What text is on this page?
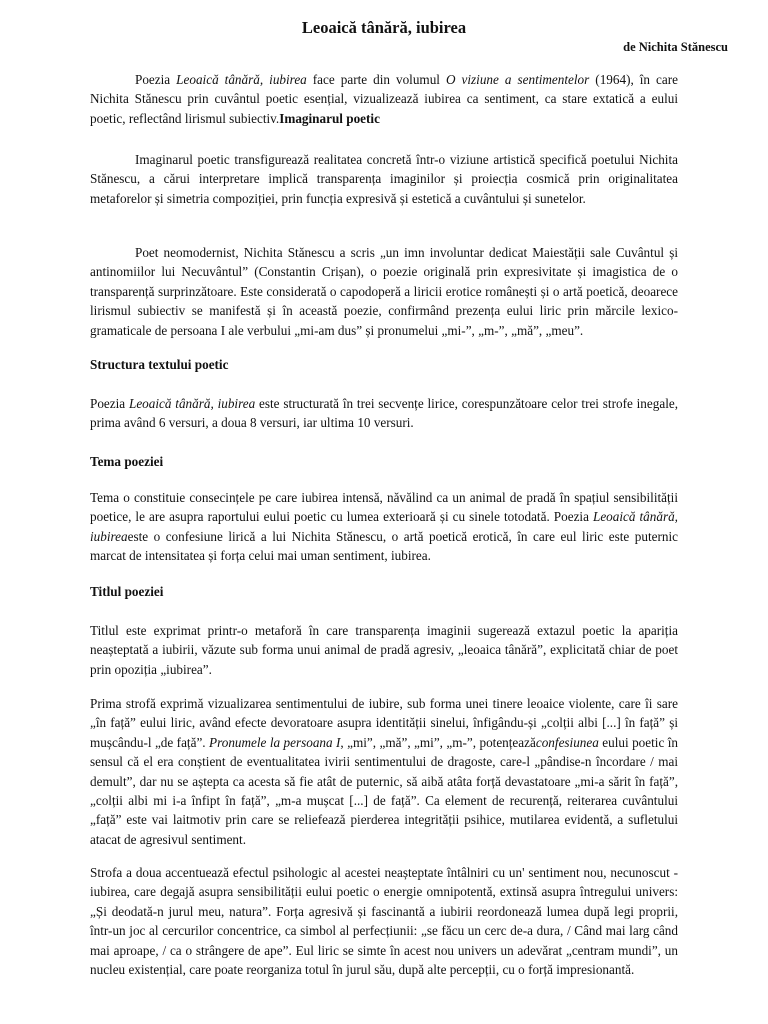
Leoaică tânără, iubirea
de Nichita Stănescu

Poezia Leoaică tânără, iubirea face parte din volumul O viziune a sentimentelor (1964), în care Nichita Stănescu prin cuvântul poetic esențial, vizualizează iubirea ca sentiment, ca stare extatică a eului poetic, reflectând lirismul subiectiv.Imaginarul poetic

Imaginarul poetic transfigurează realitatea concretă într-o viziune artistică specifică poetului Nichita Stănescu, a cărui interpretare implică transparența imaginilor și proiecția cosmică prin originalitatea metaforelor și simetria compoziției, prin funcția expresivă și estetică a cuvântului și sunetelor.

Poet neomodernist, Nichita Stănescu a scris „un imn involuntar dedicat Maiestății sale Cuvântul și antinomiilor lui Necuvântul” (Constantin Crișan), o poezie originală prin expresivitate și imagistica de o transparență surprinzătoare. Este considerată o capodoperă a liricii erotice românești și o artă poetică, deoarece lirismul subiectiv se manifestă și în această poezie, confirmând prezența eului liric prin mărcile lexico-gramaticale de persoana I ale verbului „mi-am dus” și pronumelui „mi-”, „m-”, „mă”, „meu”.

Structura textului poetic

Poezia Leoaică tânără, iubirea este structurată în trei secvențe lirice, corespunzătoare celor trei strofe inegale, prima având 6 versuri, a doua 8 versuri, iar ultima 10 versuri.

Tema poeziei

Tema o constituie consecințele pe care iubirea intensă, năvălind ca un animal de pradă în spațiul sensibilității poetice, le are asupra raportului eului poetic cu lumea exterioară și cu sinele totodată. Poezia Leoaică tânără, iubireaeste o confesiune lirică a lui Nichita Stănescu, o artă poetică erotică, în care eul liric este puternic marcat de intensitatea și forța celui mai uman sentiment, iubirea.

Titlul poeziei

Titlul este exprimat printr-o metaforă în care transparența imaginii sugerează extazul poetic la apariția neașteptată a iubirii, văzute sub forma unui animal de pradă agresiv, „leoaica tânără”, explicitată chiar de poet prin opoziția „iubirea”.

Prima strofă exprimă vizualizarea sentimentului de iubire, sub forma unei tinere leoaice violente, care îi sare „în față” eului liric, având efecte devoratoare asupra identității sinelui, înfigându-și „colții albi [...] în față” și mușcându-l „de față”. Pronumele la persoana I, „mi”, „mă”, „mi”, „m-”, potențeazăconfesiunea eului poetic în sensul că el era conștient de eventualitatea ivirii sentimentului de dragoste, care-l „pândise-n încordare / mai demult”, dar nu se aștepta ca acesta să fie atât de puternic, să aibă atâta forță devastatoare „mi-a sărit în față”, „colții albi mi i-a înfipt în față”, „m-a mușcat [...] de față”. Ca element de recurență, reiterarea cuvântului „față” este vai laitmotiv prin care se reliefează pierderea integrității psihice, mutilarea evidentă, a sufletului atacat de agresivul sentiment.

Strofa a doua accentuează efectul psihologic al acestei neașteptate întâlniri cu un' sentiment nou, necunoscut - iubirea, care degajă asupra sensibilității eului poetic o energie omnipotentă, extinsă asupra întregului univers: „Și deodată-n jurul meu, natura”. Forța agresivă și fascinantă a iubirii reordonează lumea după legi proprii, într-un joc al cercurilor concentrice, ca simbol al perfecțiunii: „se făcu un cerc de-a dura, / Când mai larg când mai aproape, / ca o strângere de ape”. Eul liric se simte în acest nou univers un adevărat „centram mundi”, un nucleu existențial, care poate reorganiza totul în jurul său, după alte percepții, cu o forță impresionantă.
